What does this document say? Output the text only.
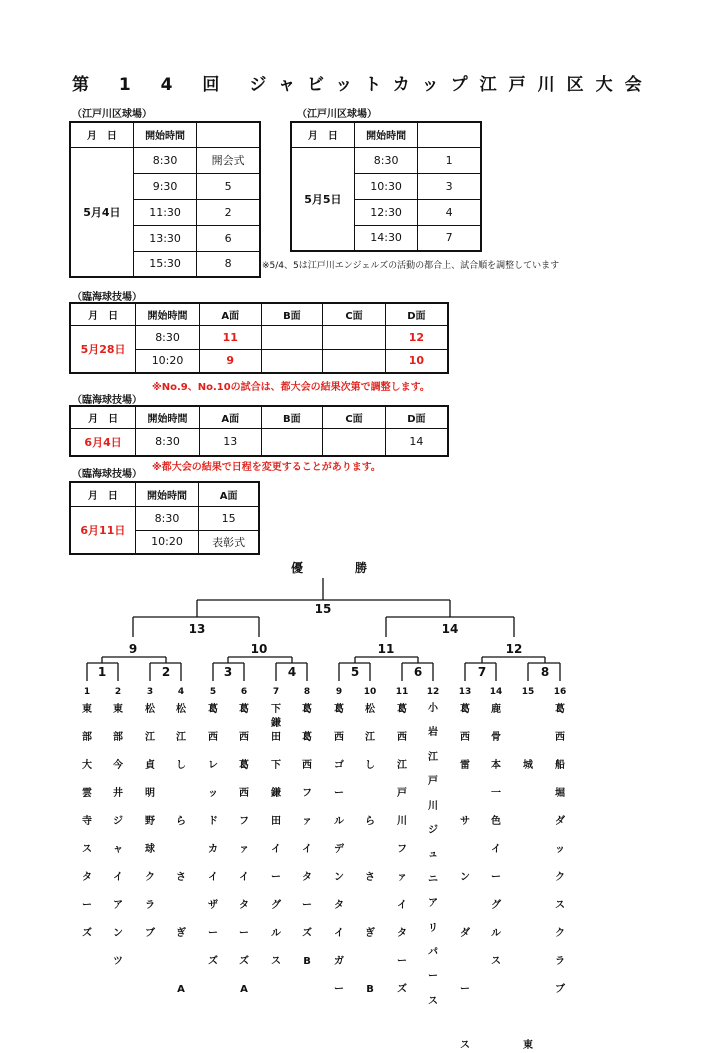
第 1 4 回 ジャビットカップ江戸川区大会
（江戸川区球場）
月　日	開始時間	
5月4日	8:30	開会式
	9:30	5
	11:30	2
	13:30	6
	15:30	8
（江戸川区球場）
月　日	開始時間	
5月5日	8:30	1
	10:30	3
	12:30	4
	14:30	7
※5/4、5は江戸川エンジェルズの活動の都合上、試合順を調整しています
（臨海球技場）
月　日	開始時間	A面	B面	C面	D面
5月28日	8:30	11			12
	10:20	9			10
※No.9、No.10の試合は、都大会の結果次第で調整します。
（臨海球技場）
月　日	開始時間	A面	B面	C面	D面
6月4日	8:30	13			14
※都大会の結果で日程を変更することがあります。
（臨海球技場）
月　日	開始時間	A面
6月11日	8:30	15
	10:20	表彰式
優　勝
15
13	14
9	10	11	12
1	2	3	4	5	6	7	8
1	2	3	4	5	6	7	8	9 10 11 12 13 14 15 16
東

部

大

雲

寺

ス

タ

ー

ズ
東

部

今

井

ジ

ャ

イ

ア

ン

ツ
松

江

貞

明

野

球

ク

ラ

ブ
松

江

し

ら

さ

ぎ

A
葛

西

レ

ッ

ド

カ

イ

ザ

ー

ズ
葛

西

葛

西

フ

ァ

イ

タ

ー

ズ

A
下
鎌
田

下

鎌

田

イ

ー

グ

ル

ス
葛

葛

西

フ

ァ

イ

タ

ー

ズ

B
葛

西

ゴ

ー

ル

デ

ン

タ

イ

ガ

ー
松

江

し

ら

さ

ぎ

B
葛

西

江

戸

川

フ

ァ

イ

タ

ー

ズ
小

岩

江

戸

川

ジ

ュ

ニ

ア

リ

パ

ー

ス
葛

西

雷

サ

ン

ダ

ー

ス
鹿

骨

本

一

色

イ

ー

グ

ル

ス

城

東
葛

西

船

堀

ダ

ッ

ク

ス

ク

ラ

ブ
